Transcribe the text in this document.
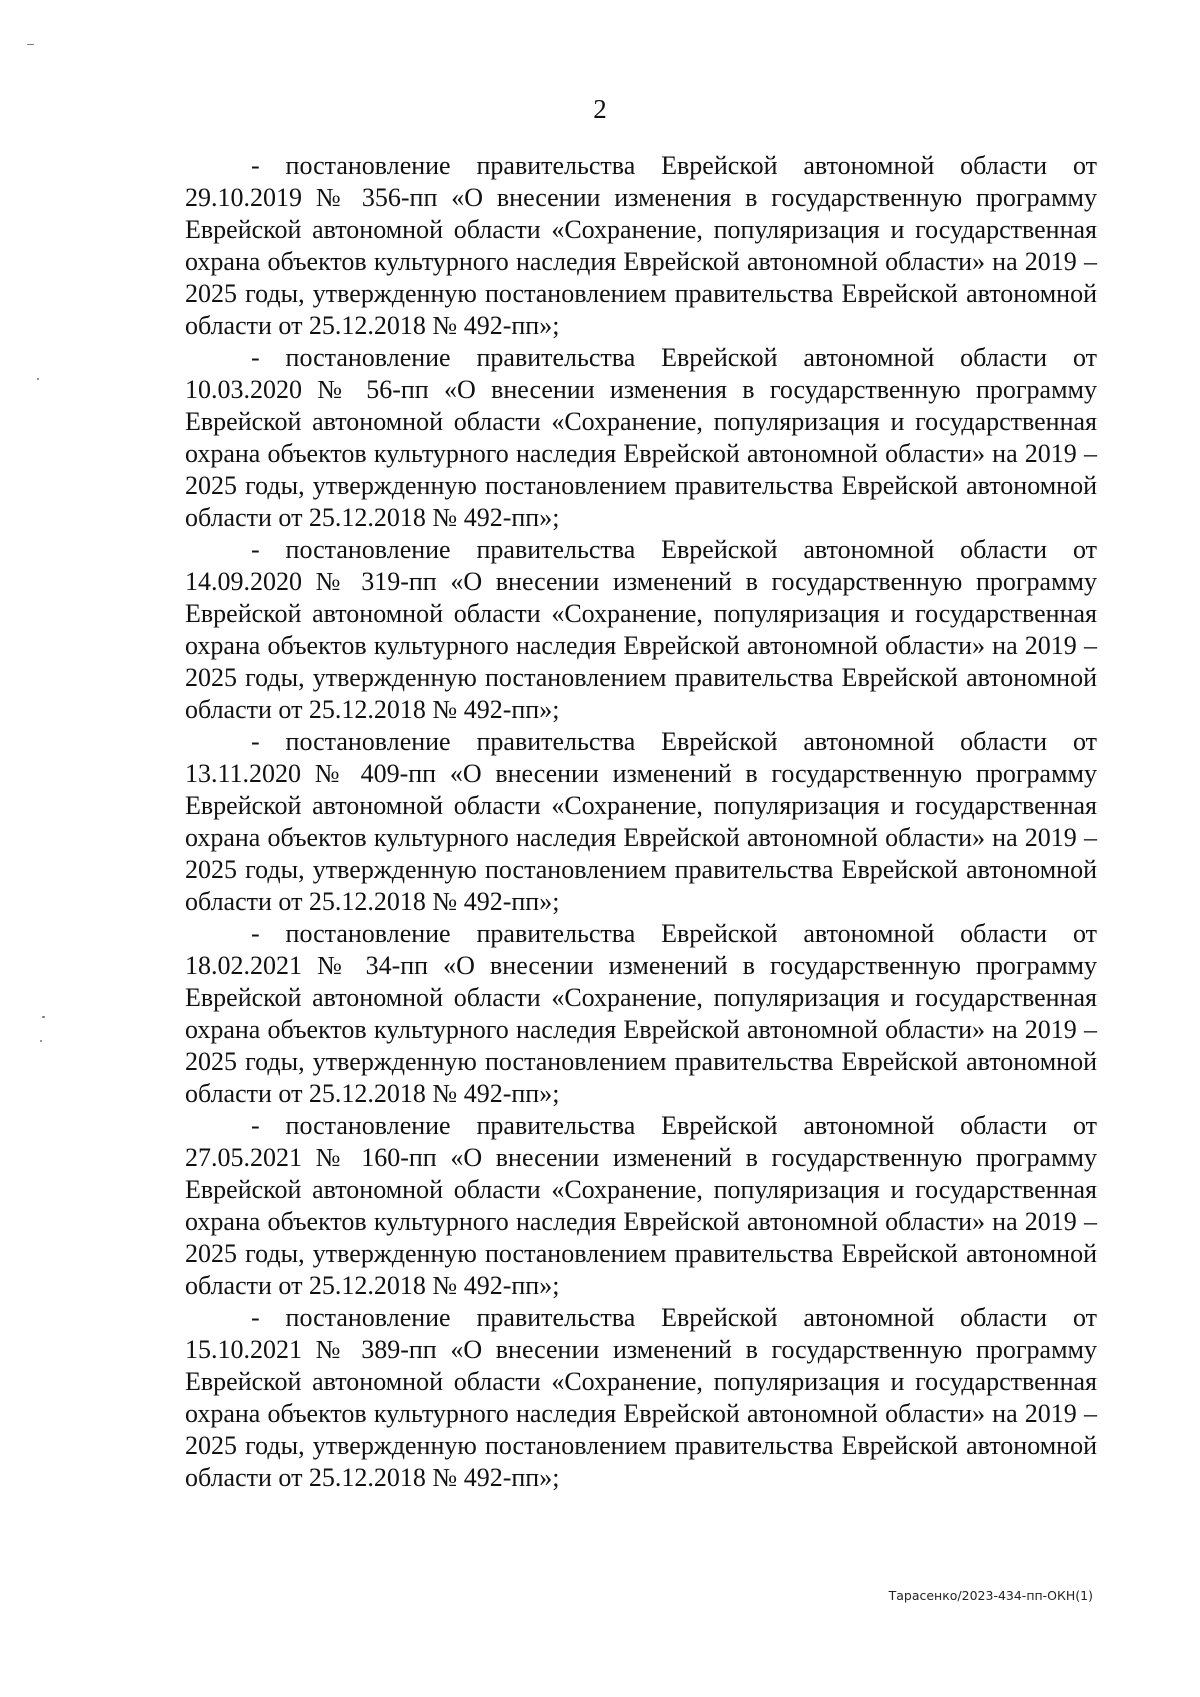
2

- постановление правительства Еврейской автономной области от 29.10.2019 № 356-пп «О внесении изменения в государственную программу Еврейской автономной области «Сохранение, популяризация и государственная охрана объектов культурного наследия Еврейской автономной области» на 2019 – 2025 годы, утвержденную постановлением правительства Еврейской автономной области от 25.12.2018 № 492-пп»;

- постановление правительства Еврейской автономной области от 10.03.2020 № 56-пп «О внесении изменения в государственную программу Еврейской автономной области «Сохранение, популяризация и государственная охрана объектов культурного наследия Еврейской автономной области» на 2019 – 2025 годы, утвержденную постановлением правительства Еврейской автономной области от 25.12.2018 № 492-пп»;

- постановление правительства Еврейской автономной области от 14.09.2020 № 319-пп «О внесении изменений в государственную программу Еврейской автономной области «Сохранение, популяризация и государственная охрана объектов культурного наследия Еврейской автономной области» на 2019 – 2025 годы, утвержденную постановлением правительства Еврейской автономной области от 25.12.2018 № 492-пп»;

- постановление правительства Еврейской автономной области от 13.11.2020 № 409-пп «О внесении изменений в государственную программу Еврейской автономной области «Сохранение, популяризация и государственная охрана объектов культурного наследия Еврейской автономной области» на 2019 – 2025 годы, утвержденную постановлением правительства Еврейской автономной области от 25.12.2018 № 492-пп»;

- постановление правительства Еврейской автономной области от 18.02.2021 № 34-пп «О внесении изменений в государственную программу Еврейской автономной области «Сохранение, популяризация и государственная охрана объектов культурного наследия Еврейской автономной области» на 2019 – 2025 годы, утвержденную постановлением правительства Еврейской автономной области от 25.12.2018 № 492-пп»;

- постановление правительства Еврейской автономной области от 27.05.2021 № 160-пп «О внесении изменений в государственную программу Еврейской автономной области «Сохранение, популяризация и государственная охрана объектов культурного наследия Еврейской автономной области» на 2019 – 2025 годы, утвержденную постановлением правительства Еврейской автономной области от 25.12.2018 № 492-пп»;

- постановление правительства Еврейской автономной области от 15.10.2021 № 389-пп «О внесении изменений в государственную программу Еврейской автономной области «Сохранение, популяризация и государственная охрана объектов культурного наследия Еврейской автономной области» на 2019 – 2025 годы, утвержденную постановлением правительства Еврейской автономной области от 25.12.2018 № 492-пп»;

Тарасенко/2023-434-пп-ОКН(1)
